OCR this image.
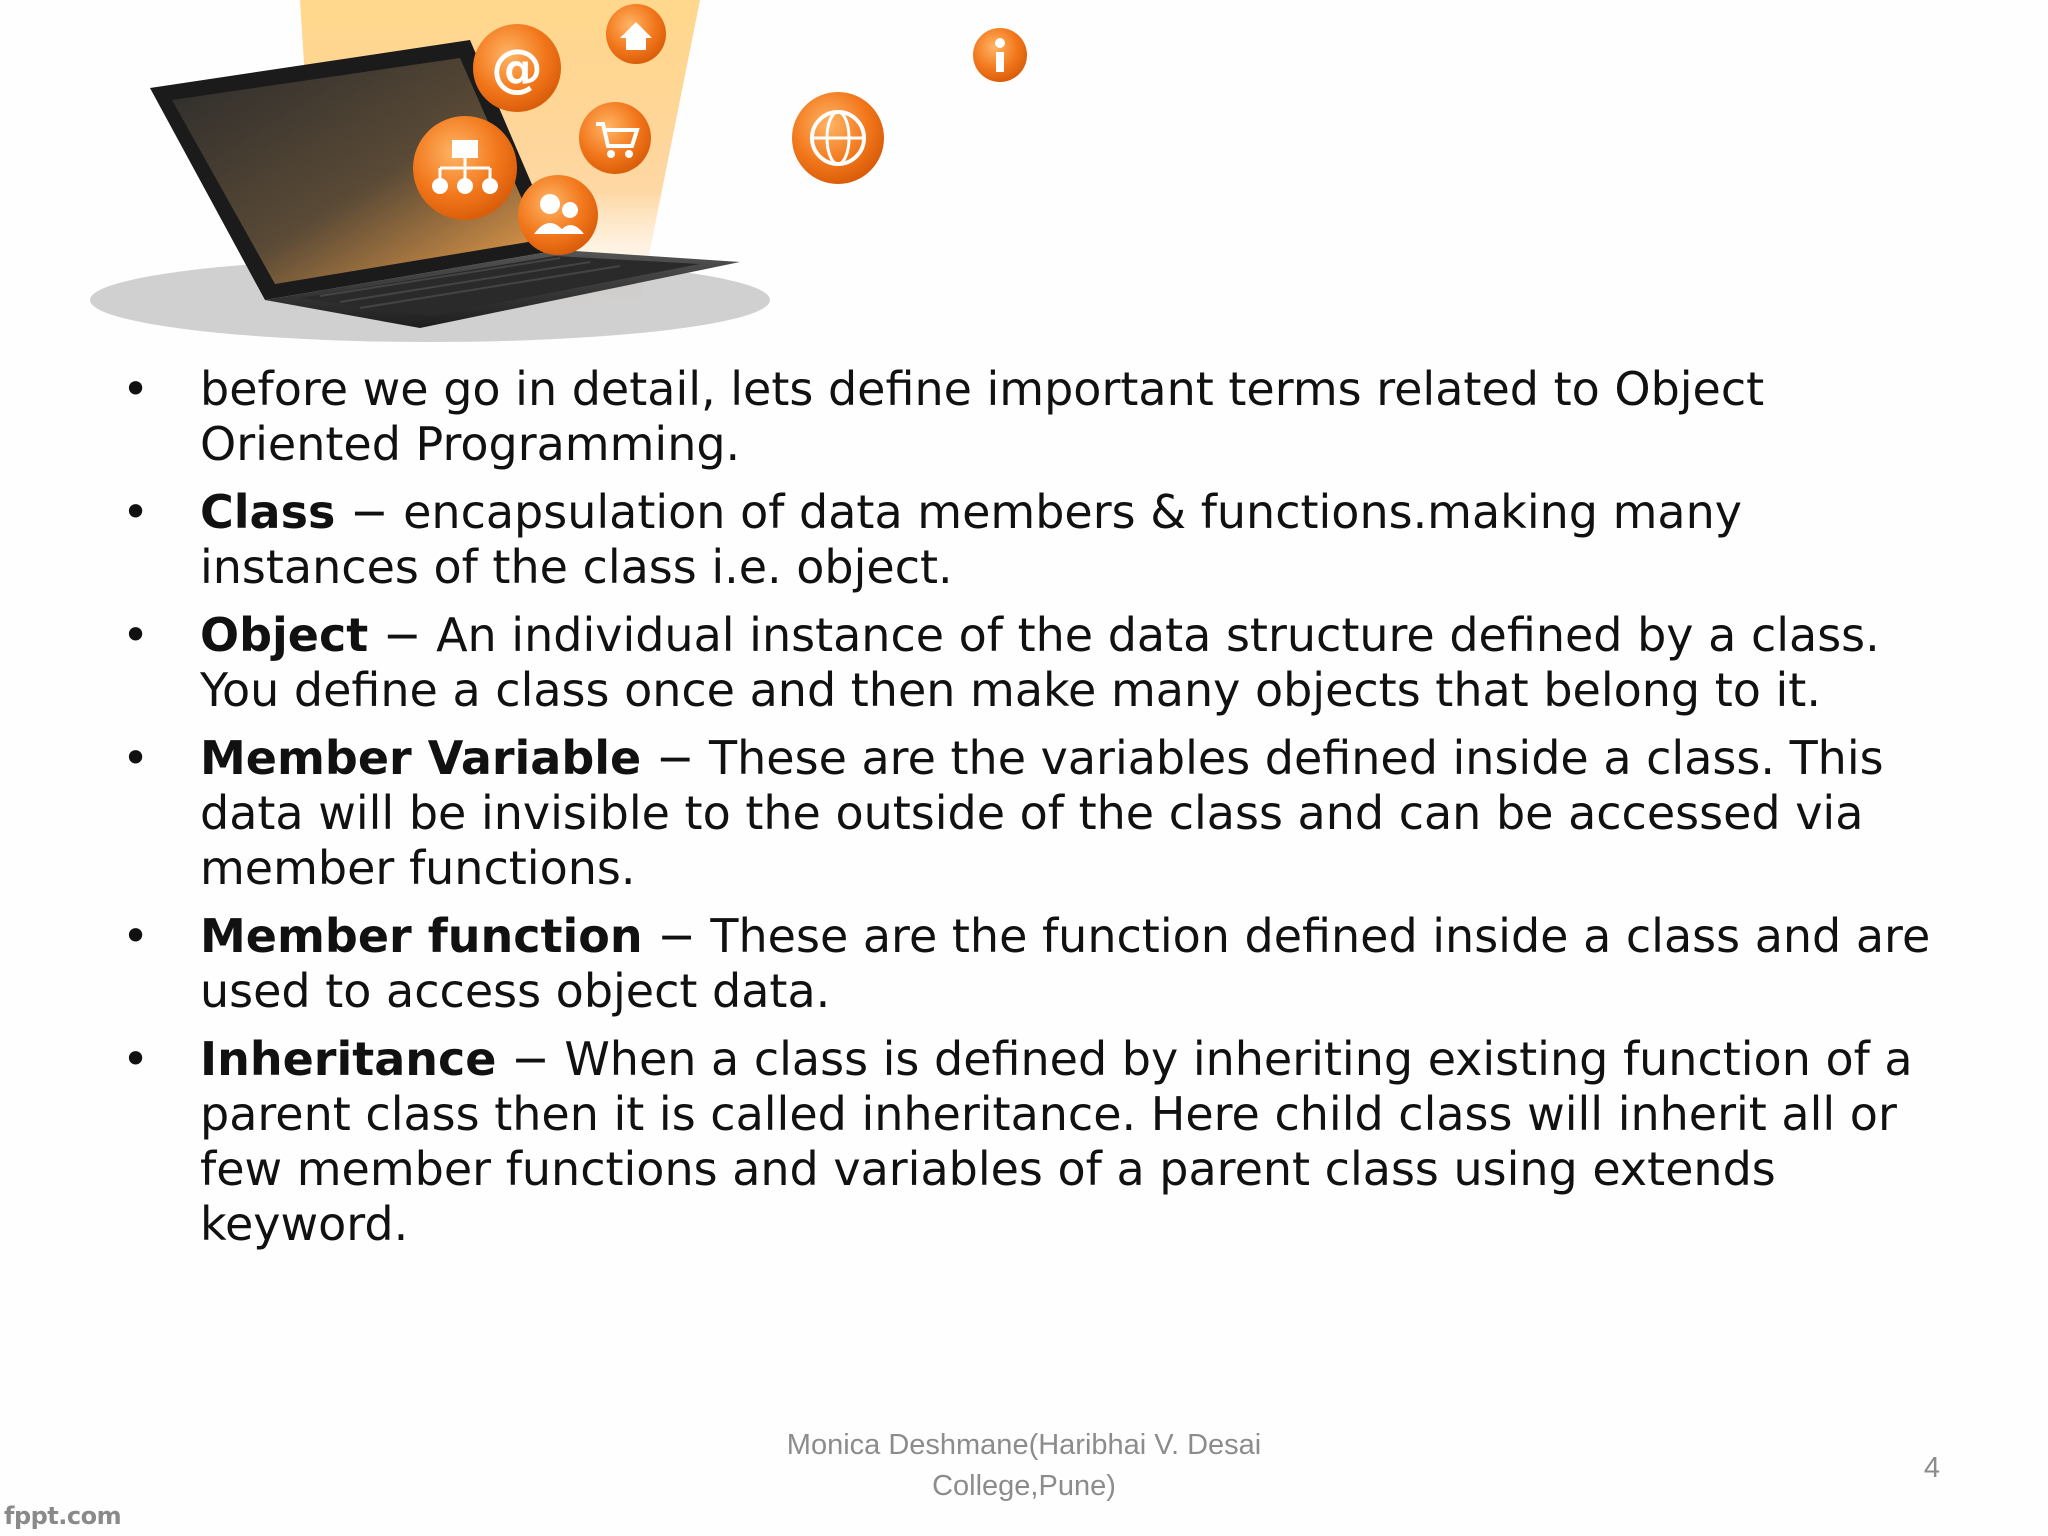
@
• before we go in detail, lets define important terms related to Object Oriented Programming.
• Class − encapsulation of data members & functions.making many instances of the class i.e. object.
• Object − An individual instance of the data structure defined by a class. You define a class once and then make many objects that belong to it.
• Member Variable − These are the variables defined inside a class. This data will be invisible to the outside of the class and can be accessed via member functions.
• Member function − These are the function defined inside a class and are used to access object data.
• Inheritance − When a class is defined by inheriting existing function of a parent class then it is called inheritance. Here child class will inherit all or few member functions and variables of a parent class using extends keyword.
Monica Deshmane(Haribhai V. Desai College,Pune)
4
fppt.com
